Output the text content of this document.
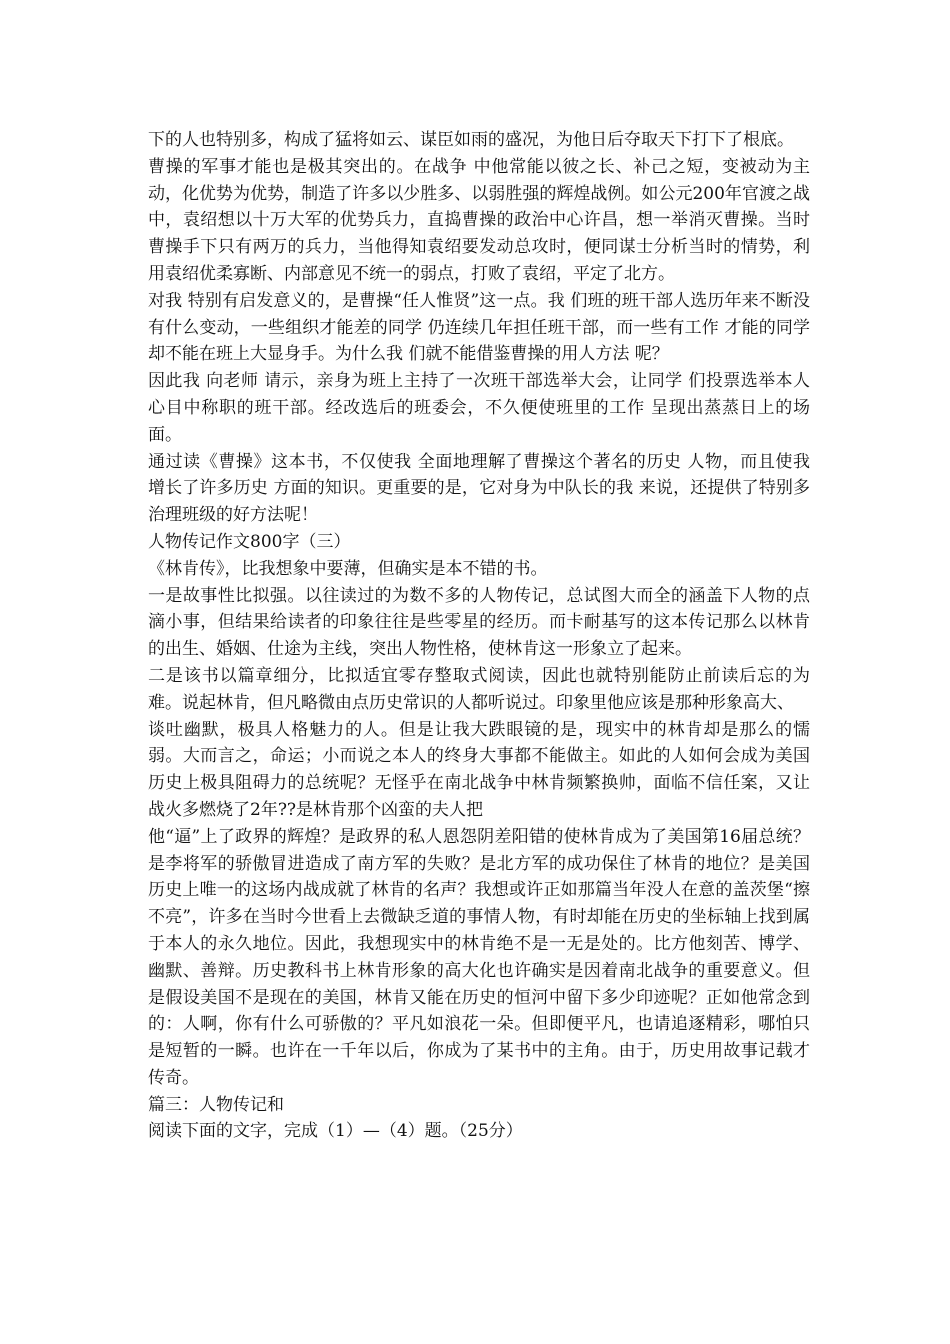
下的人也特别多，构成了猛将如云、谋臣如雨的盛况，为他日后夺取天下打下了根底。

曹操的军事才能也是极其突出的。在战争 中他常能以彼之长、补己之短，变被动为主动，化优势为优势，制造了许多以少胜多、以弱胜强的辉煌战例。如公元200年官渡之战中，袁绍想以十万大军的优势兵力，直捣曹操的政治中心许昌，想一举消灭曹操。当时曹操手下只有两万的兵力，当他得知袁绍要发动总攻时，便同谋士分析当时的情势，利用袁绍优柔寡断、内部意见不统一的弱点，打败了袁绍，平定了北方。

对我 特别有启发意义的，是曹操“任人惟贤”这一点。我 们班的班干部人选历年来不断没有什么变动，一些组织才能差的同学 仍连续几年担任班干部，而一些有工作 才能的同学 却不能在班上大显身手。为什么我 们就不能借鉴曹操的用人方法 呢？

因此我 向老师 请示，亲身为班上主持了一次班干部选举大会，让同学 们投票选举本人 心目中称职的班干部。经改选后的班委会，不久便使班里的工作 呈现出蒸蒸日上的场面。

通过读《曹操》这本书，不仅使我 全面地理解了曹操这个著名的历史 人物，而且使我 增长了许多历史 方面的知识。更重要的是，它对身为中队长的我 来说，还提供了特别多治理班级的好方法呢！

人物传记作文800字（三）

《林肯传》，比我想象中要薄，但确实是本不错的书。

一是故事性比拟强。以往读过的为数不多的人物传记，总试图大而全的涵盖下人物的点滴小事，但结果给读者的印象往往是些零星的经历。而卡耐基写的这本传记那么以林肯的出生、婚姻、仕途为主线，突出人物性格，使林肯这一形象立了起来。

二是该书以篇章细分，比拟适宜零存整取式阅读，因此也就特别能防止前读后忘的为难。说起林肯，但凡略微由点历史常识的人都听说过。印象里他应该是那种形象高大、

谈吐幽默，极具人格魅力的人。但是让我大跌眼镜的是，现实中的林肯却是那么的懦弱。大而言之，命运；小而说之本人的终身大事都不能做主。如此的人如何会成为美国历史上极具阻碍力的总统呢？无怪乎在南北战争中林肯频繁换帅，面临不信任案，又让战火多燃烧了2年??是林肯那个凶蛮的夫人把

他“逼”上了政界的辉煌？是政界的私人恩怨阴差阳错的使林肯成为了美国第16届总统？是李将军的骄傲冒进造成了南方军的失败？是北方军的成功保住了林肯的地位？是美国历史上唯一的这场内战成就了林肯的名声？我想或许正如那篇当年没人在意的盖茨堡“擦不亮”，许多在当时今世看上去微缺乏道的事情人物，有时却能在历史的坐标轴上找到属于本人的永久地位。因此，我想现实中的林肯绝不是一无是处的。比方他刻苦、博学、幽默、善辩。历史教科书上林肯形象的高大化也许确实是因着南北战争的重要意义。但是假设美国不是现在的美国，林肯又能在历史的恒河中留下多少印迹呢？正如他常念到的：人啊，你有什么可骄傲的？平凡如浪花一朵。但即便平凡，也请追逐精彩，哪怕只是短暂的一瞬。也许在一千年以后，你成为了某书中的主角。由于，历史用故事记载才传奇。

篇三：人物传记和

阅读下面的文字，完成（1）—（4）题。（25分）
